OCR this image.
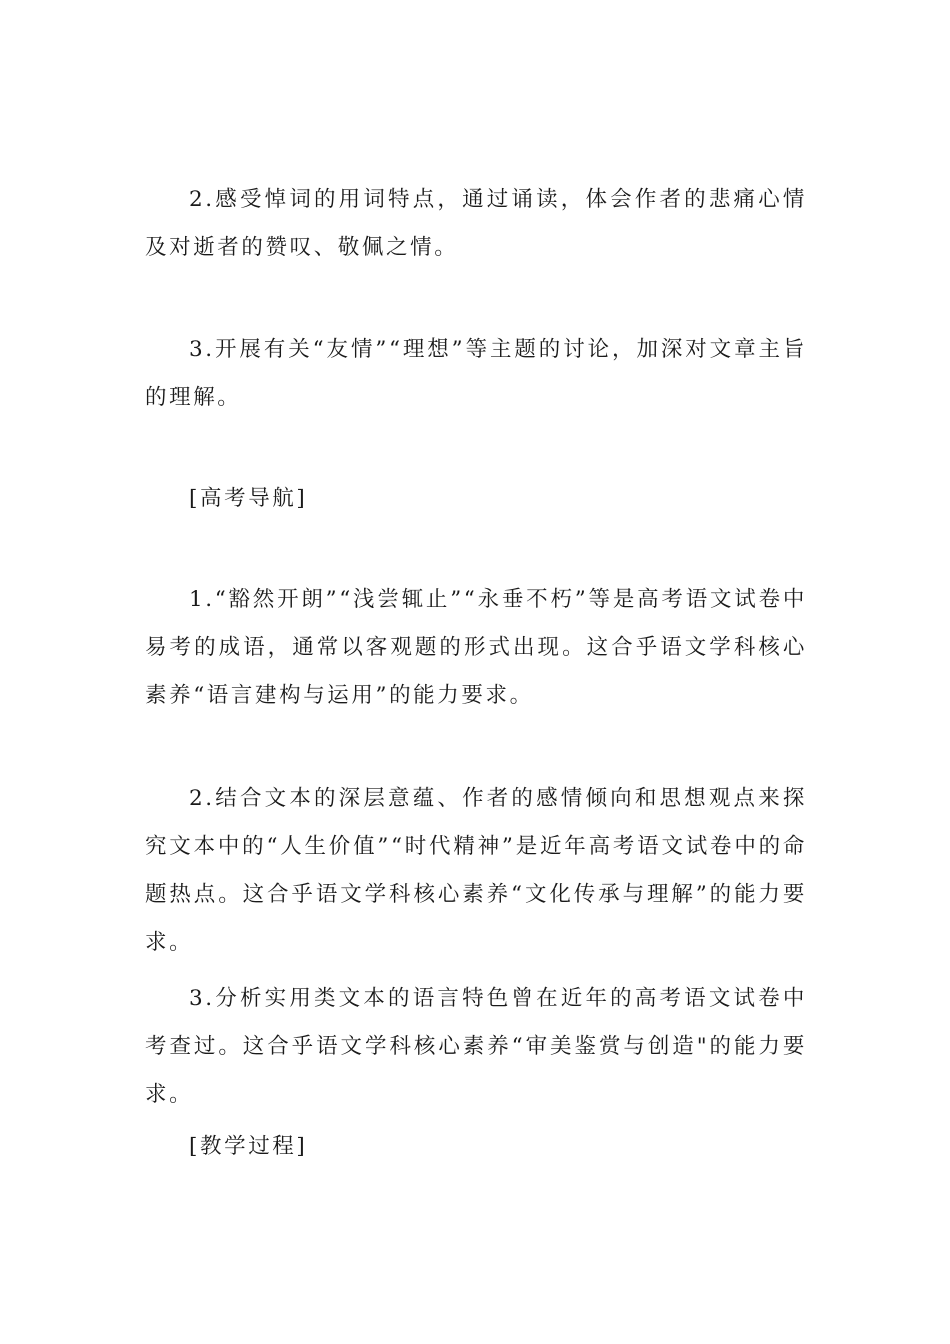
2.感受悼词的用词特点，通过诵读，体会作者的悲痛心情及对逝者的赞叹、敬佩之情。

3.开展有关“友情”“理想”等主题的讨论，加深对文章主旨的理解。

[高考导航]

1.“豁然开朗”“浅尝辄止”“永垂不朽”等是高考语文试卷中易考的成语，通常以客观题的形式出现。这合乎语文学科核心素养“语言建构与运用”的能力要求。

2.结合文本的深层意蕴、作者的感情倾向和思想观点来探究文本中的“人生价值”“时代精神”是近年高考语文试卷中的命题热点。这合乎语文学科核心素养“文化传承与理解”的能力要求。

3.分析实用类文本的语言特色曾在近年的高考语文试卷中考查过。这合乎语文学科核心素养“审美鉴赏与创造"的能力要求。

[教学过程]
